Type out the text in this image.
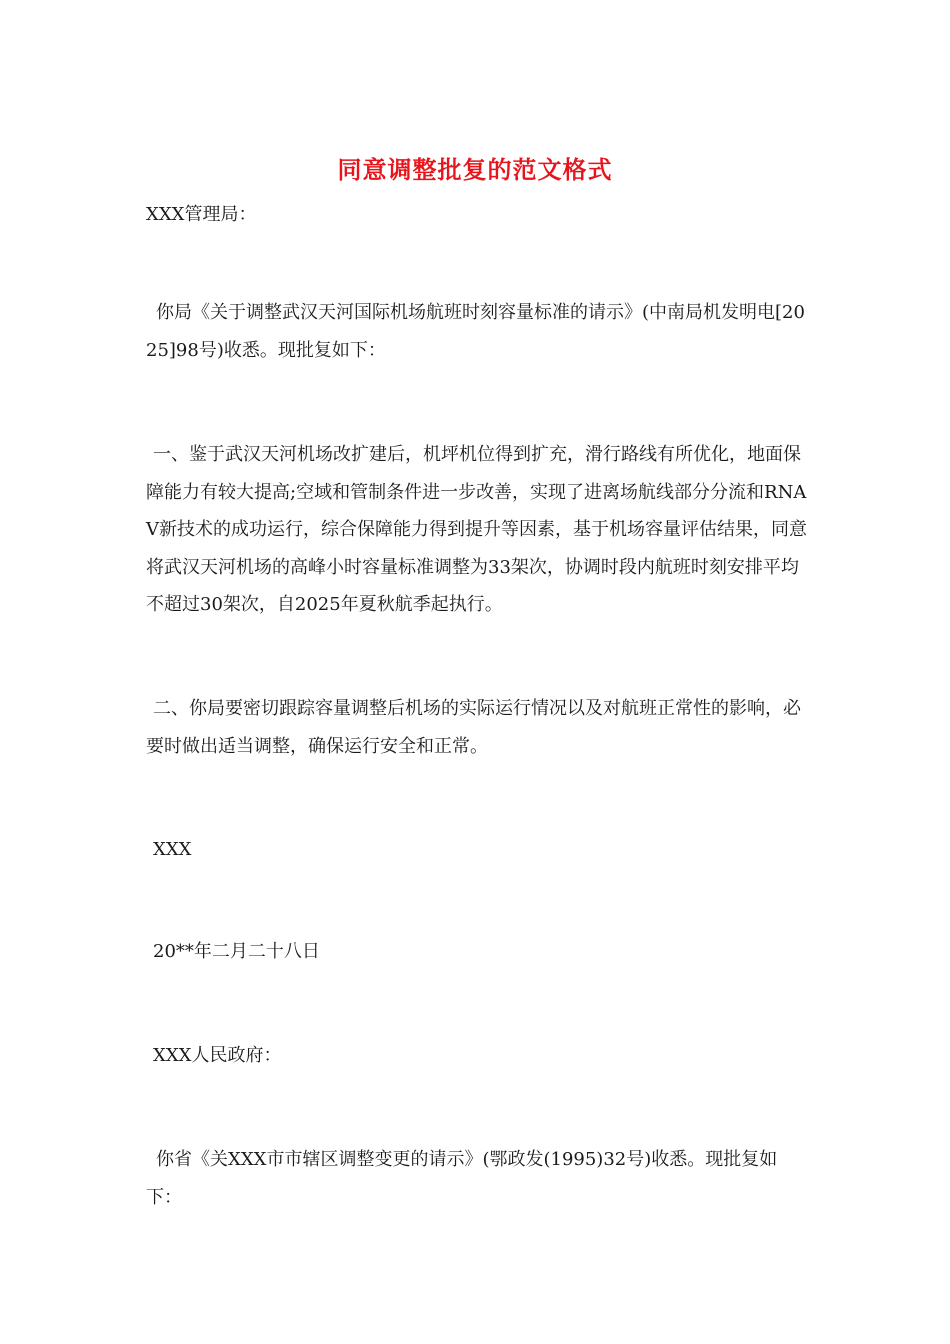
同意调整批复的范文格式

XXX管理局：

你局《关于调整武汉天河国际机场航班时刻容量标准的请示》(中南局机发明电[2025]98号)收悉。现批复如下：

一、鉴于武汉天河机场改扩建后，机坪机位得到扩充，滑行路线有所优化，地面保障能力有较大提高;空域和管制条件进一步改善，实现了进离场航线部分分流和RNAV新技术的成功运行，综合保障能力得到提升等因素，基于机场容量评估结果，同意将武汉天河机场的高峰小时容量标准调整为33架次，协调时段内航班时刻安排平均不超过30架次，自2025年夏秋航季起执行。

二、你局要密切跟踪容量调整后机场的实际运行情况以及对航班正常性的影响，必要时做出适当调整，确保运行安全和正常。

XXX

20**年二月二十八日

XXX人民政府：

你省《关XXX市市辖区调整变更的请示》(鄂政发(1995)32号)收悉。现批复如下：
